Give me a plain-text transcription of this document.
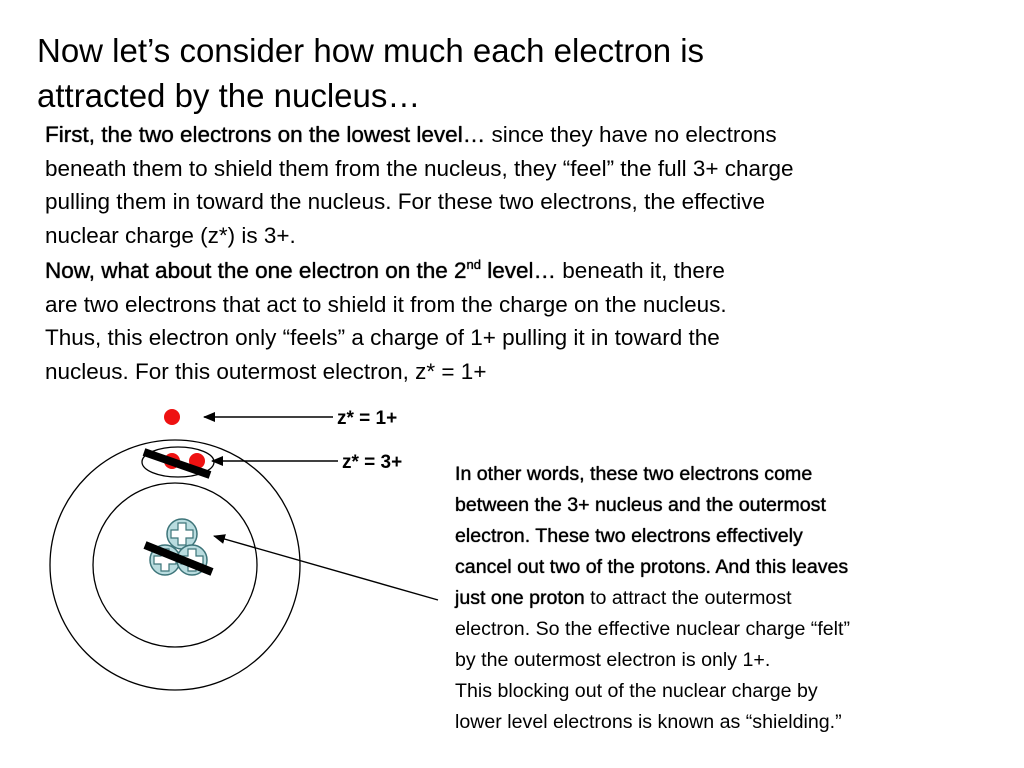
Now let’s consider how much each electron is
attracted by the nucleus…

First, the two electrons on the lowest level… since they have no electrons
beneath them to shield them from the nucleus, they “feel” the full 3+ charge
pulling them in toward the nucleus. For these two electrons, the effective
nuclear charge (z*) is 3+.

Now, what about the one electron on the 2nd level… beneath it, there
are two electrons that act to shield it from the charge on the nucleus.
Thus, this electron only “feels” a charge of 1+ pulling it in toward the
nucleus. For this outermost electron, z* = 1+

In other words, these two electrons come
between the 3+ nucleus and the outermost
electron. These two electrons effectively
cancel out two of the protons. And this leaves
just one proton to attract the outermost
electron. So the effective nuclear charge “felt”
by the outermost electron is only 1+.
This blocking out of the nuclear charge by
lower level electrons is known as “shielding.”

z* = 1+
z* = 3+
